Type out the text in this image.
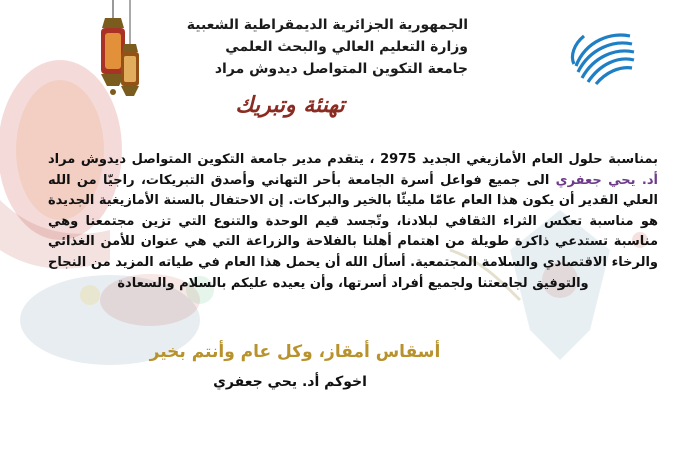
الجمهورية الجزائرية الديمقراطية الشعبية
وزارة التعليم العالي والبحث العلمي
جامعة التكوين المتواصل ديدوش مراد
تهنئة وتبريك
بمناسبة حلول العام الأمازيغي الجديد 2975 ، يتقدم مدير جامعة التكوين المتواصل ديدوش مراد أد. يحي جعفري الى جميع فواعل أسرة الجامعة بأحر التهاني وأصدق التبريكات، راجيّا من الله العلي القدير أن يكون هذا العام عامّا مليئّا بالخير والبركات. إن الاحتفال بالسنة الأمازيغية الجديدة هو مناسبة تعكس الثراء الثقافي لبلادنا، وتّجسد قيم الوحدة والتنوع التي تزين مجتمعنا وهي مناسبة تستدعي ذاكرة طويلة من اهتمام أهلنا بالفلاحة والزراعة التي هي عنوان للأمن الغذائي والرخاء الاقتصادي والسلامة المجتمعية. أسأل الله أن يحمل هذا العام في طياته المزيد من النجاح والتوفيق لجامعتنا ولجميع أفراد أسرتها، وأن يعيده عليكم بالسلام والسعادة
أسقاس أمقاز، وكل عام وأنتم بخير
اخوكم أد. يحي جعفري
